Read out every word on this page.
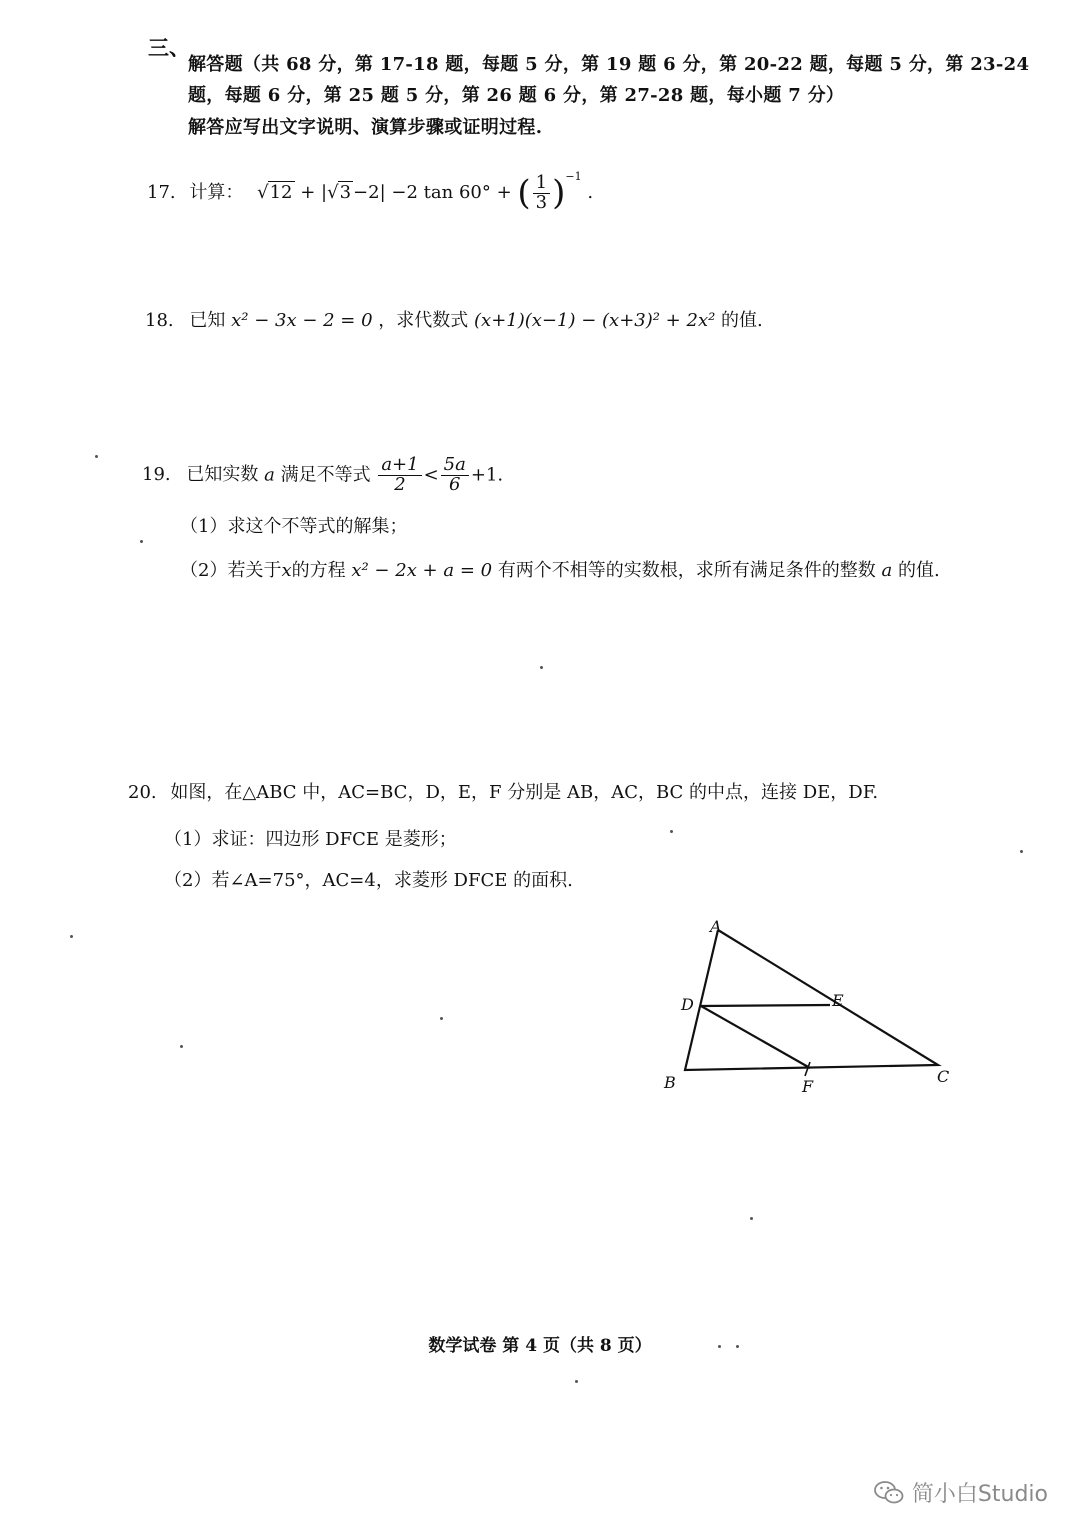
三、
解答题（共 68 分，第 17-18 题，每题 5 分，第 19 题 6 分，第 20-22 题，每题 5 分，第 23-24
题，每题 6 分，第 25 题 5 分，第 26 题 6 分，第 27-28 题，每小题 7 分）
解答应写出文字说明、演算步骤或证明过程.
17. 计算： √12 + |√3 −2| −2 tan 60° + ( $\frac{1}{3} )^{-1}$ .
18. 已知 x² − 3x − 2 = 0 ，求代数式 (x+1)(x−1) − (x+3)² + 2x² 的值.
19. 已知实数 a 满足不等式 $\frac{a+1}{2} < \frac{5a}{6} +1$.
（1）求这个不等式的解集；
（2）若关于x的方程 x² − 2x + a = 0 有两个不相等的实数根，求所有满足条件的整数 a 的值.
20. 如图，在△ABC 中，AC=BC，D，E，F 分别是 AB，AC，BC 的中点，连接 DE，DF.
（1）求证：四边形 DFCE 是菱形；
（2）若∠A=75°，AC=4，求菱形 DFCE 的面积.
A
B	C
D	E
F
数学试卷 第 4 页（共 8 页）
简小白Studio
